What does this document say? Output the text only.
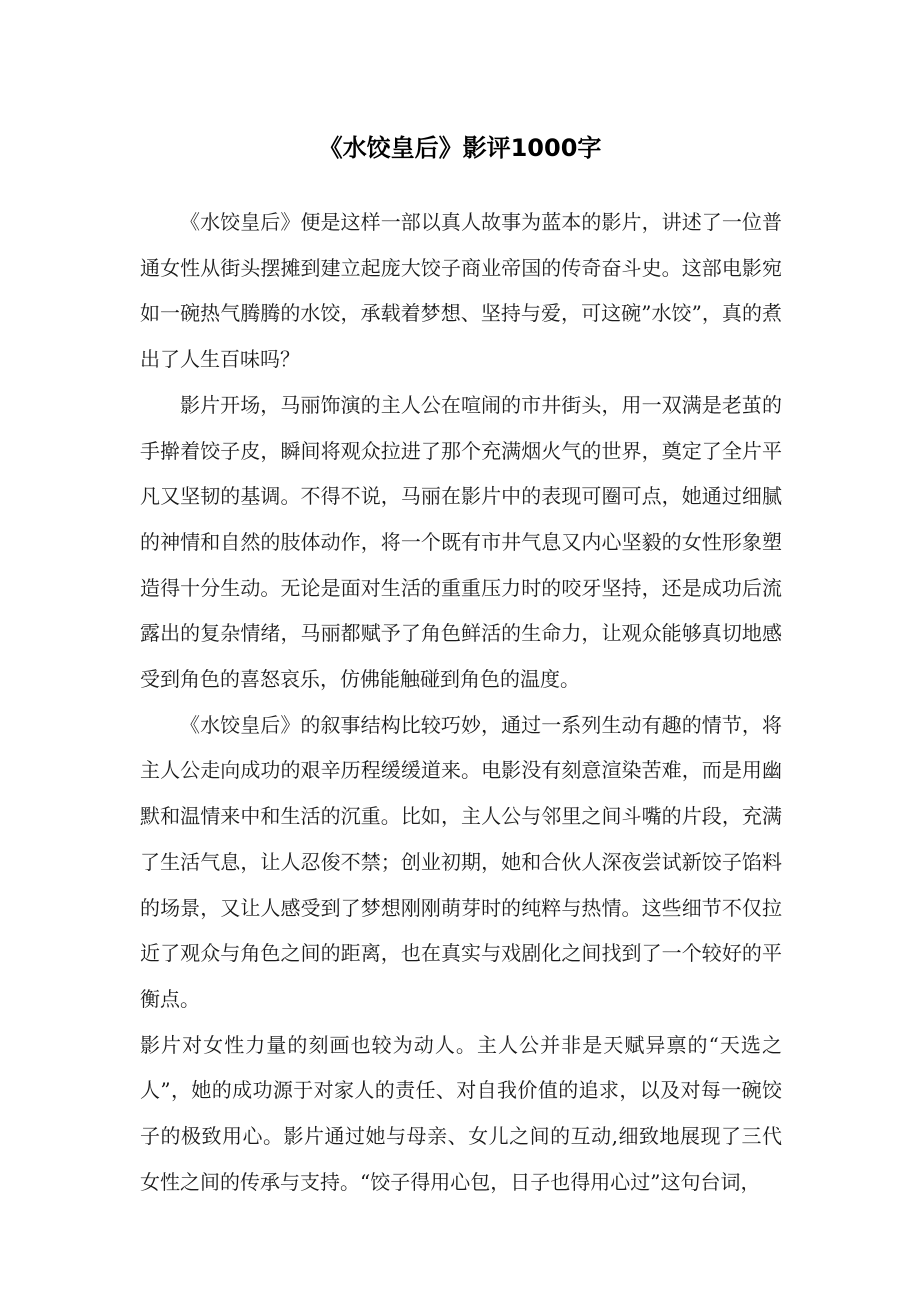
《水饺皇后》影评1000字

《水饺皇后》便是这样一部以真人故事为蓝本的影片，讲述了一位普通女性从街头摆摊到建立起庞大饺子商业帝国的传奇奋斗史。这部电影宛如一碗热气腾腾的水饺，承载着梦想、坚持与爱，可这碗”水饺”，真的煮出了人生百味吗？

影片开场，马丽饰演的主人公在喧闹的市井街头，用一双满是老茧的手擀着饺子皮，瞬间将观众拉进了那个充满烟火气的世界，奠定了全片平凡又坚韧的基调。不得不说，马丽在影片中的表现可圈可点，她通过细腻的神情和自然的肢体动作，将一个既有市井气息又内心坚毅的女性形象塑造得十分生动。无论是面对生活的重重压力时的咬牙坚持，还是成功后流露出的复杂情绪，马丽都赋予了角色鲜活的生命力，让观众能够真切地感受到角色的喜怒哀乐，仿佛能触碰到角色的温度。

《水饺皇后》的叙事结构比较巧妙，通过一系列生动有趣的情节，将主人公走向成功的艰辛历程缓缓道来。电影没有刻意渲染苦难，而是用幽默和温情来中和生活的沉重。比如，主人公与邻里之间斗嘴的片段，充满了生活气息，让人忍俊不禁；创业初期，她和合伙人深夜尝试新饺子馅料的场景，又让人感受到了梦想刚刚萌芽时的纯粹与热情。这些细节不仅拉近了观众与角色之间的距离，也在真实与戏剧化之间找到了一个较好的平衡点。

影片对女性力量的刻画也较为动人。主人公并非是天赋异禀的“天选之人”，她的成功源于对家人的责任、对自我价值的追求，以及对每一碗饺子的极致用心。影片通过她与母亲、女儿之间的互动,细致地展现了三代女性之间的传承与支持。“饺子得用心包，日子也得用心过”这句台词，
